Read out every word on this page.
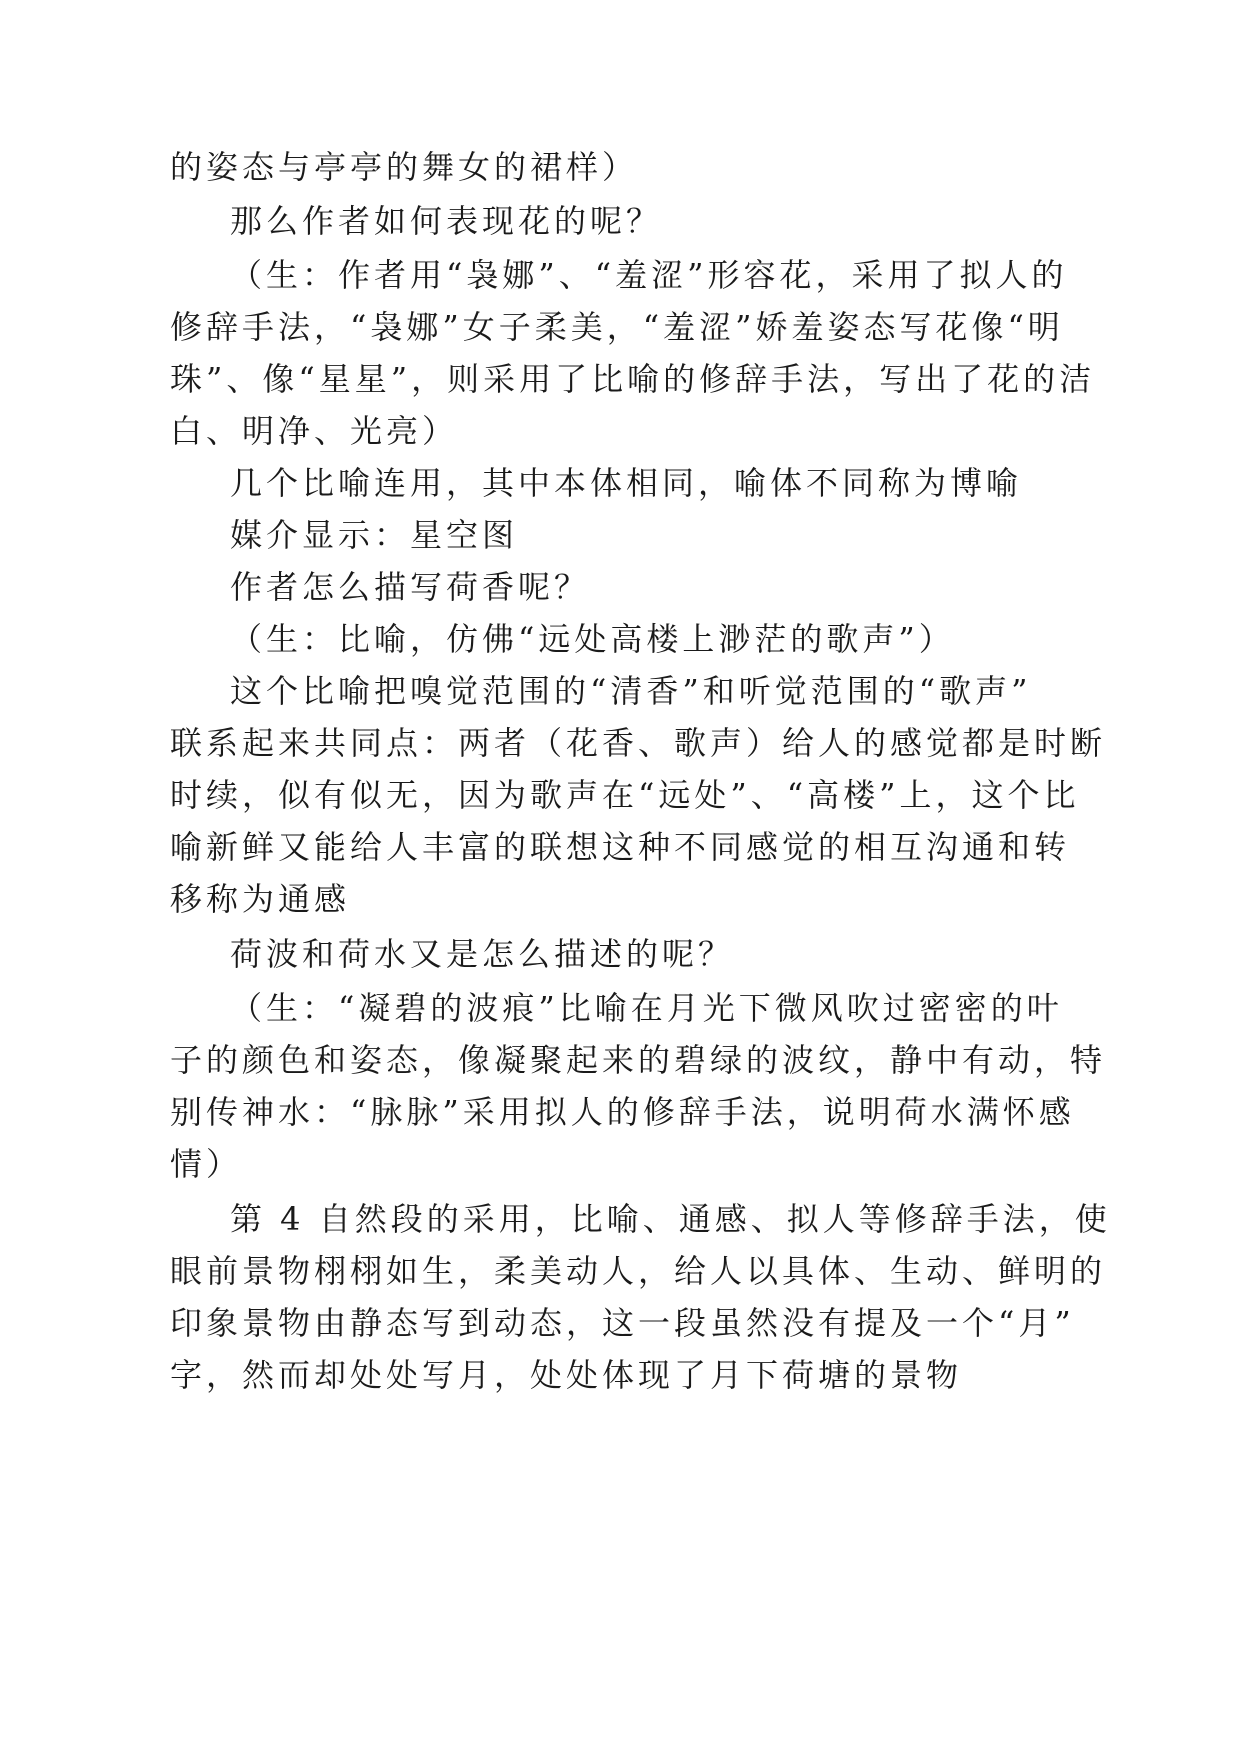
的姿态与亭亭的舞女的裙样）
那么作者如何表现花的呢？
（生：作者用“袅娜”、“羞涩”形容花，采用了拟人的
修辞手法，“袅娜”女子柔美，“羞涩”娇羞姿态写花像“明
珠”、像“星星”，则采用了比喻的修辞手法，写出了花的洁
白、明净、光亮）
几个比喻连用，其中本体相同，喻体不同称为博喻
媒介显示：星空图
作者怎么描写荷香呢？
（生：比喻，仿佛“远处高楼上渺茫的歌声”）
这个比喻把嗅觉范围的“清香”和听觉范围的“歌声”
联系起来共同点：两者（花香、歌声）给人的感觉都是时断
时续，似有似无，因为歌声在“远处”、“高楼”上，这个比
喻新鲜又能给人丰富的联想这种不同感觉的相互沟通和转
移称为通感
荷波和荷水又是怎么描述的呢？
（生：“凝碧的波痕”比喻在月光下微风吹过密密的叶
子的颜色和姿态，像凝聚起来的碧绿的波纹，静中有动，特
别传神水：“脉脉”采用拟人的修辞手法，说明荷水满怀感
情）
第 4 自然段的采用，比喻、通感、拟人等修辞手法，使
眼前景物栩栩如生，柔美动人，给人以具体、生动、鲜明的
印象景物由静态写到动态，这一段虽然没有提及一个“月”
字，然而却处处写月，处处体现了月下荷塘的景物
